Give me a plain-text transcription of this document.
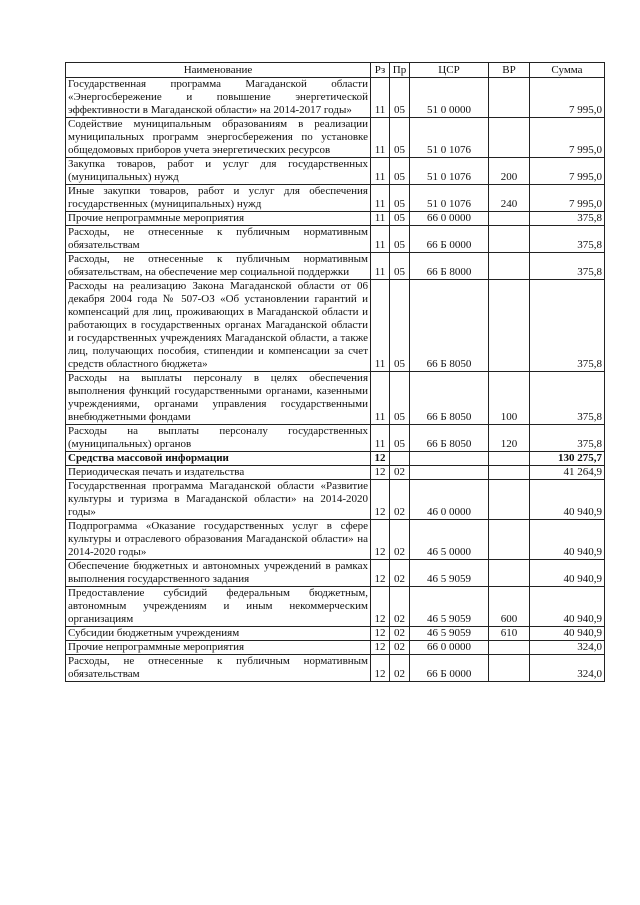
Наименование	Рз	Пр	ЦСР	ВР	Сумма
Государственная программа Магаданской области «Энергосбережение и повышение энергетической эффективности в Магаданской области» на 2014-2017 годы»	11	05	51 0 0000		7 995,0
Содействие муниципальным образованиям в реализации муниципальных программ энергосбережения по установке общедомовых приборов учета энергетических ресурсов	11	05	51 0 1076		7 995,0
Закупка товаров, работ и услуг для государственных (муниципальных) нужд	11	05	51 0 1076	200	7 995,0
Иные закупки товаров, работ и услуг для обеспечения государственных (муниципальных) нужд	11	05	51 0 1076	240	7 995,0
Прочие непрограммные мероприятия	11	05	66 0 0000		375,8
Расходы, не отнесенные к публичным нормативным обязательствам	11	05	66 Б 0000		375,8
Расходы, не отнесенные к публичным нормативным обязательствам, на обеспечение мер социальной поддержки	11	05	66 Б 8000		375,8
Расходы на реализацию Закона Магаданской области от 06 декабря 2004 года № 507-ОЗ «Об установлении гарантий и компенсаций для лиц, проживающих в Магаданской области и работающих в государственных органах Магаданской области и государственных учреждениях Магаданской области, а также лиц, получающих пособия, стипендии и компенсации за счет средств областного бюджета»	11	05	66 Б 8050		375,8
Расходы на выплаты персоналу в целях обеспечения выполнения функций государственными органами, казенными учреждениями, органами управления государственными внебюджетными фондами	11	05	66 Б 8050	100	375,8
Расходы на выплаты персоналу государственных (муниципальных) органов	11	05	66 Б 8050	120	375,8
Средства массовой информации	12				130 275,7
Периодическая печать и издательства	12	02			41 264,9
Государственная программа Магаданской области «Развитие культуры и туризма в Магаданской области» на 2014-2020 годы»	12	02	46 0 0000		40 940,9
Подпрограмма «Оказание государственных услуг в сфере культуры и отраслевого образования Магаданской области» на 2014-2020 годы»	12	02	46 5 0000		40 940,9
Обеспечение бюджетных и автономных учреждений в рамках выполнения государственного задания	12	02	46 5 9059		40 940,9
Предоставление субсидий федеральным бюджетным, автономным учреждениям и иным некоммерческим организациям	12	02	46 5 9059	600	40 940,9
Субсидии бюджетным учреждениям	12	02	46 5 9059	610	40 940,9
Прочие непрограммные мероприятия	12	02	66 0 0000		324,0
Расходы, не отнесенные к публичным нормативным обязательствам	12	02	66 Б 0000		324,0
